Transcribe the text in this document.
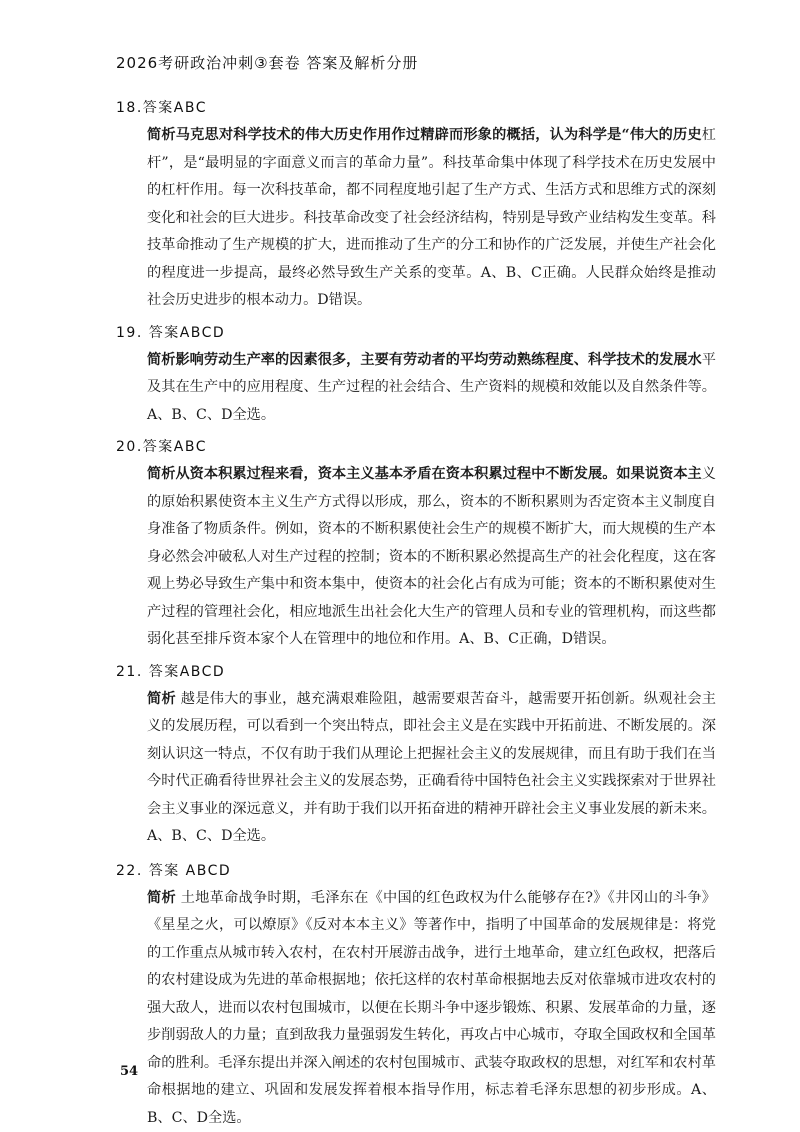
2026考研政治冲刺③套卷 答案及解析分册

18.答案ABC

简析马克思对科学技术的伟大历史作用作过精辟而形象的概括，认为科学是“伟大的历史杠杆”，是“最明显的字面意义而言的革命力量”。科技革命集中体现了科学技术在历史发展中的杠杆作用。每一次科技革命，都不同程度地引起了生产方式、生活方式和思维方式的深刻变化和社会的巨大进步。科技革命改变了社会经济结构，特别是导致产业结构发生变革。科技革命推动了生产规模的扩大，进而推动了生产的分工和协作的广泛发展，并使生产社会化的程度进一步提高，最终必然导致生产关系的变革。A、B、C正确。人民群众始终是推动社会历史进步的根本动力。D错误。

19. 答案ABCD

简析影响劳动生产率的因素很多，主要有劳动者的平均劳动熟练程度、科学技术的发展水平及其在生产中的应用程度、生产过程的社会结合、生产资料的规模和效能以及自然条件等。A、B、C、D全选。

20.答案ABC

简析从资本积累过程来看，资本主义基本矛盾在资本积累过程中不断发展。如果说资本主义的原始积累使资本主义生产方式得以形成，那么，资本的不断积累则为否定资本主义制度自身准备了物质条件。例如，资本的不断积累使社会生产的规模不断扩大，而大规模的生产本身必然会冲破私人对生产过程的控制；资本的不断积累必然提高生产的社会化程度，这在客观上势必导致生产集中和资本集中，使资本的社会化占有成为可能；资本的不断积累使对生产过程的管理社会化，相应地派生出社会化大生产的管理人员和专业的管理机构，而这些都弱化甚至排斥资本家个人在管理中的地位和作用。A、B、C正确，D错误。

21. 答案ABCD

简析 越是伟大的事业，越充满艰难险阻，越需要艰苦奋斗，越需要开拓创新。纵观社会主义的发展历程，可以看到一个突出特点，即社会主义是在实践中开拓前进、不断发展的。深刻认识这一特点，不仅有助于我们从理论上把握社会主义的发展规律，而且有助于我们在当今时代正确看待世界社会主义的发展态势，正确看待中国特色社会主义实践探索对于世界社会主义事业的深远意义，并有助于我们以开拓奋进的精神开辟社会主义事业发展的新未来。A、B、C、D全选。

22. 答案 ABCD

简析 土地革命战争时期，毛泽东在《中国的红色政权为什么能够存在?》《井冈山的斗争》《星星之火，可以燎原》《反对本本主义》等著作中，指明了中国革命的发展规律是：将党的工作重点从城市转入农村，在农村开展游击战争，进行土地革命，建立红色政权，把落后的农村建设成为先进的革命根据地；依托这样的农村革命根据地去反对依靠城市进攻农村的强大敌人，进而以农村包围城市，以便在长期斗争中逐步锻炼、积累、发展革命的力量，逐步削弱敌人的力量；直到敌我力量强弱发生转化，再攻占中心城市，夺取全国政权和全国革命的胜利。毛泽东提出并深入阐述的农村包围城市、武装夺取政权的思想，对红军和农村革命根据地的建立、巩固和发展发挥着根本指导作用，标志着毛泽东思想的初步形成。A、B、C、D全选。

54
